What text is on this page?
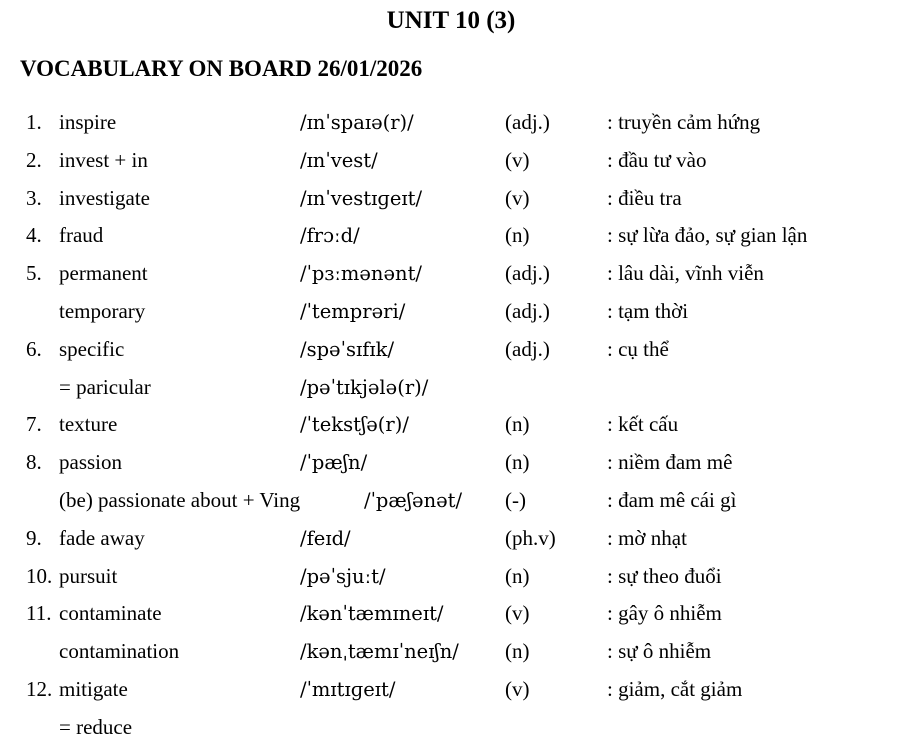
UNIT 10 (3)
VOCABULARY ON BOARD 26/01/2026
1. inspire	/ɪnˈspaɪə(r)/	(adj.)	: truyền cảm hứng
2. invest + in	/ɪnˈvest/	(v)	: đầu tư vào
3. investigate	/ɪnˈvestɪɡeɪt/	(v)	: điều tra
4. fraud	/frɔːd/	(n)	: sự lừa đảo, sự gian lận
5. permanent	/ˈpɜːmənənt/	(adj.)	: lâu dài, vĩnh viễn
temporary	/ˈtemprəri/	(adj.)	: tạm thời
6. specific	/spəˈsɪfɪk/	(adj.)	: cụ thể
= paricular	/pəˈtɪkjələ(r)/
7. texture	/ˈtekstʃə(r)/	(n)	: kết cấu
8. passion	/ˈpæʃn/	(n)	: niềm đam mê
(be) passionate about + Ving	/ˈpæʃənət/ (-)	: đam mê cái gì
9. fade away	/feɪd/	(ph.v) : mờ nhạt
10. pursuit	/pəˈsjuːt/	(n)	: sự theo đuổi
11. contaminate	/kənˈtæmɪneɪt/	(v)	: gây ô nhiễm
contamination	/kənˌtæmɪˈneɪʃn/ (n)	: sự ô nhiễm
12. mitigate	/ˈmɪtɪɡeɪt/	(v)	: giảm, cắt giảm
= reduce
